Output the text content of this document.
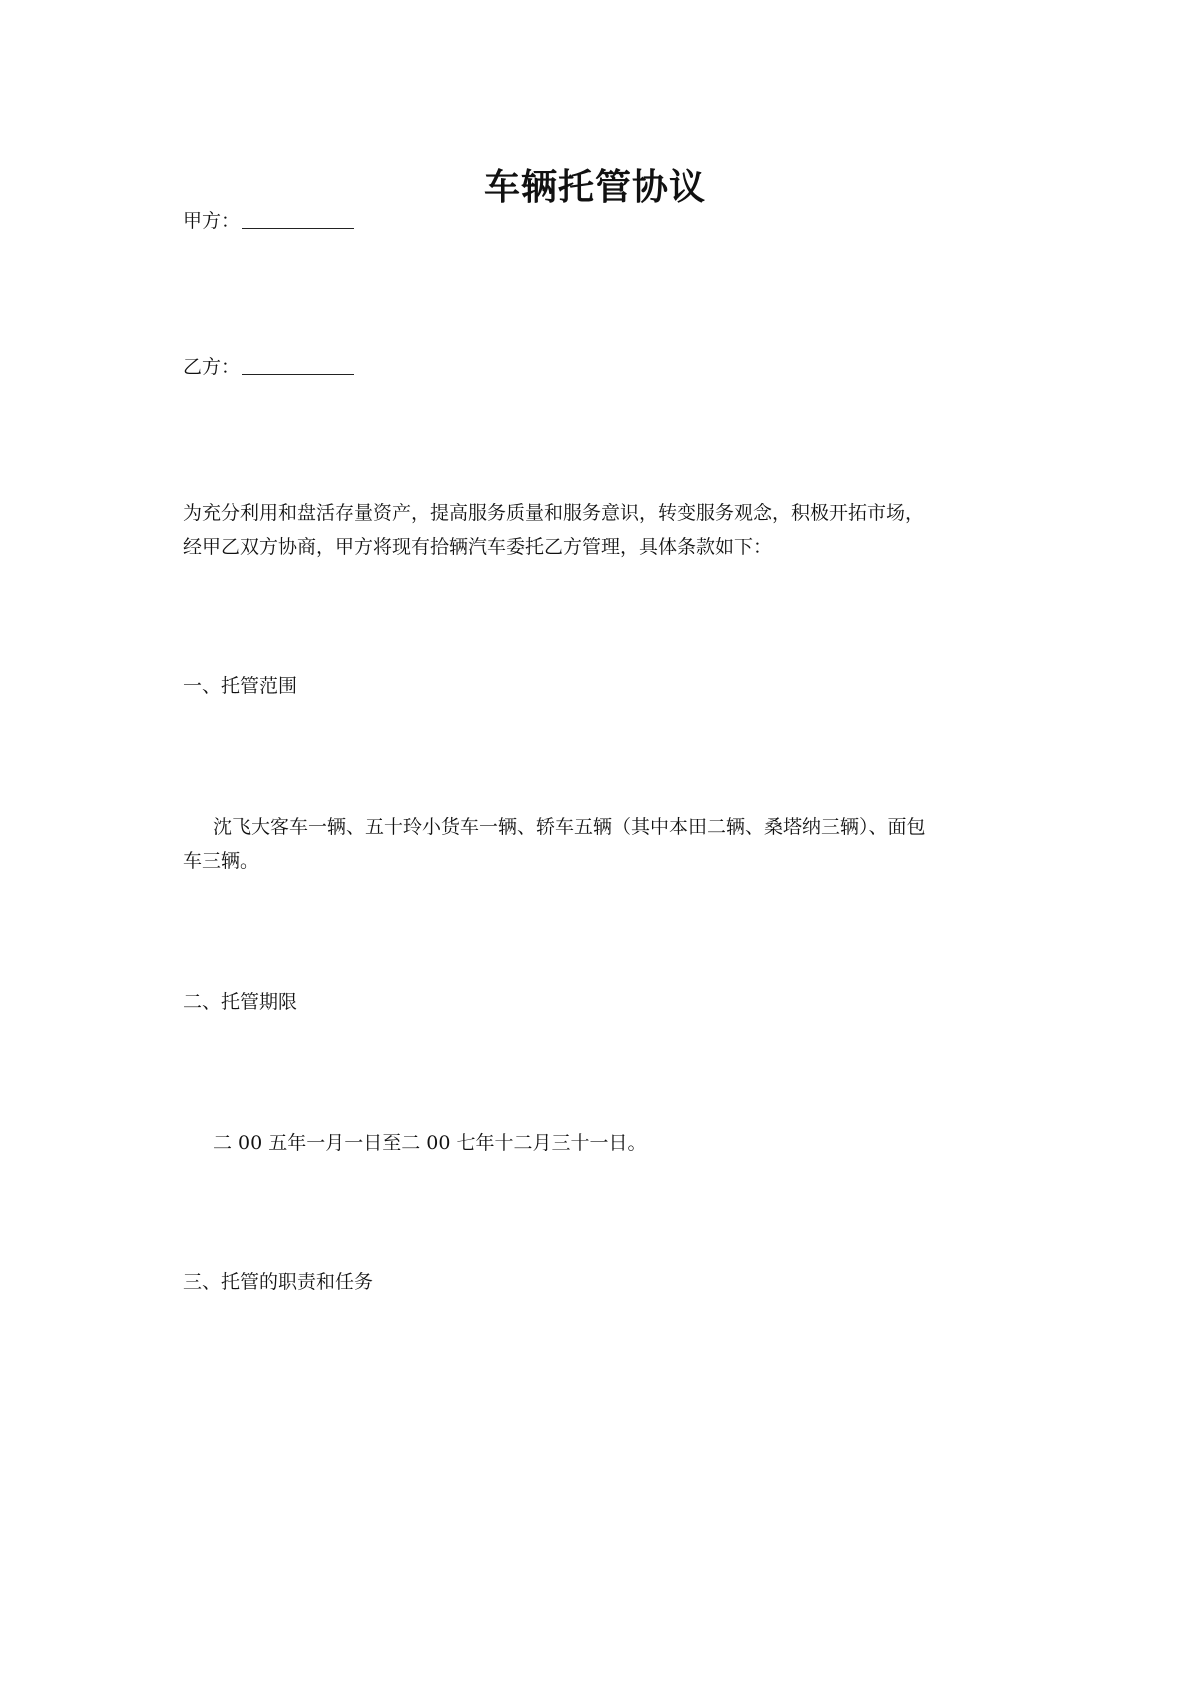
车辆托管协议
甲方：
乙方：
为充分利用和盘活存量资产，提高服务质量和服务意识，转变服务观念，积极开拓市场，
经甲乙双方协商，甲方将现有拾辆汽车委托乙方管理，具体条款如下：
一、托管范围
沈飞大客车一辆、五十玲小货车一辆、轿车五辆（其中本田二辆、桑塔纳三辆）、面包
车三辆。
二、托管期限
二 00 五年一月一日至二 00 七年十二月三十一日。
三、托管的职责和任务
